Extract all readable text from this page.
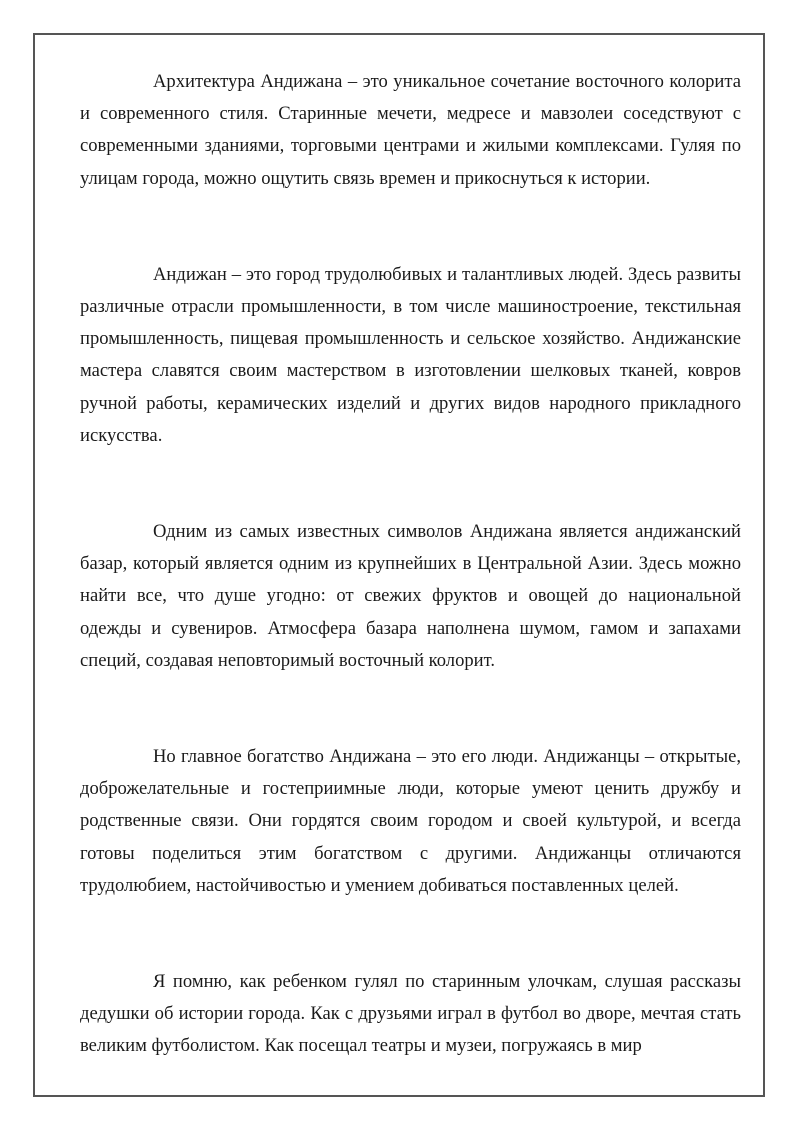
Архитектура Андижана – это уникальное сочетание восточного колорита и современного стиля. Старинные мечети, медресе и мавзолеи соседствуют с современными зданиями, торговыми центрами и жилыми комплексами. Гуляя по улицам города, можно ощутить связь времен и прикоснуться к истории.

Андижан – это город трудолюбивых и талантливых людей. Здесь развиты различные отрасли промышленности, в том числе машиностроение, текстильная промышленность, пищевая промышленность и сельское хозяйство. Андижанские мастера славятся своим мастерством в изготовлении шелковых тканей, ковров ручной работы, керамических изделий и других видов народного прикладного искусства.

Одним из самых известных символов Андижана является андижанский базар, который является одним из крупнейших в Центральной Азии. Здесь можно найти все, что душе угодно: от свежих фруктов и овощей до национальной одежды и сувениров. Атмосфера базара наполнена шумом, гамом и запахами специй, создавая неповторимый восточный колорит.

Но главное богатство Андижана – это его люди. Андижанцы – открытые, доброжелательные и гостеприимные люди, которые умеют ценить дружбу и родственные связи. Они гордятся своим городом и своей культурой, и всегда готовы поделиться этим богатством с другими. Андижанцы отличаются трудолюбием, настойчивостью и умением добиваться поставленных целей.

Я помню, как ребенком гулял по старинным улочкам, слушая рассказы дедушки об истории города. Как с друзьями играл в футбол во дворе, мечтая стать великим футболистом. Как посещал театры и музеи, погружаясь в мир
